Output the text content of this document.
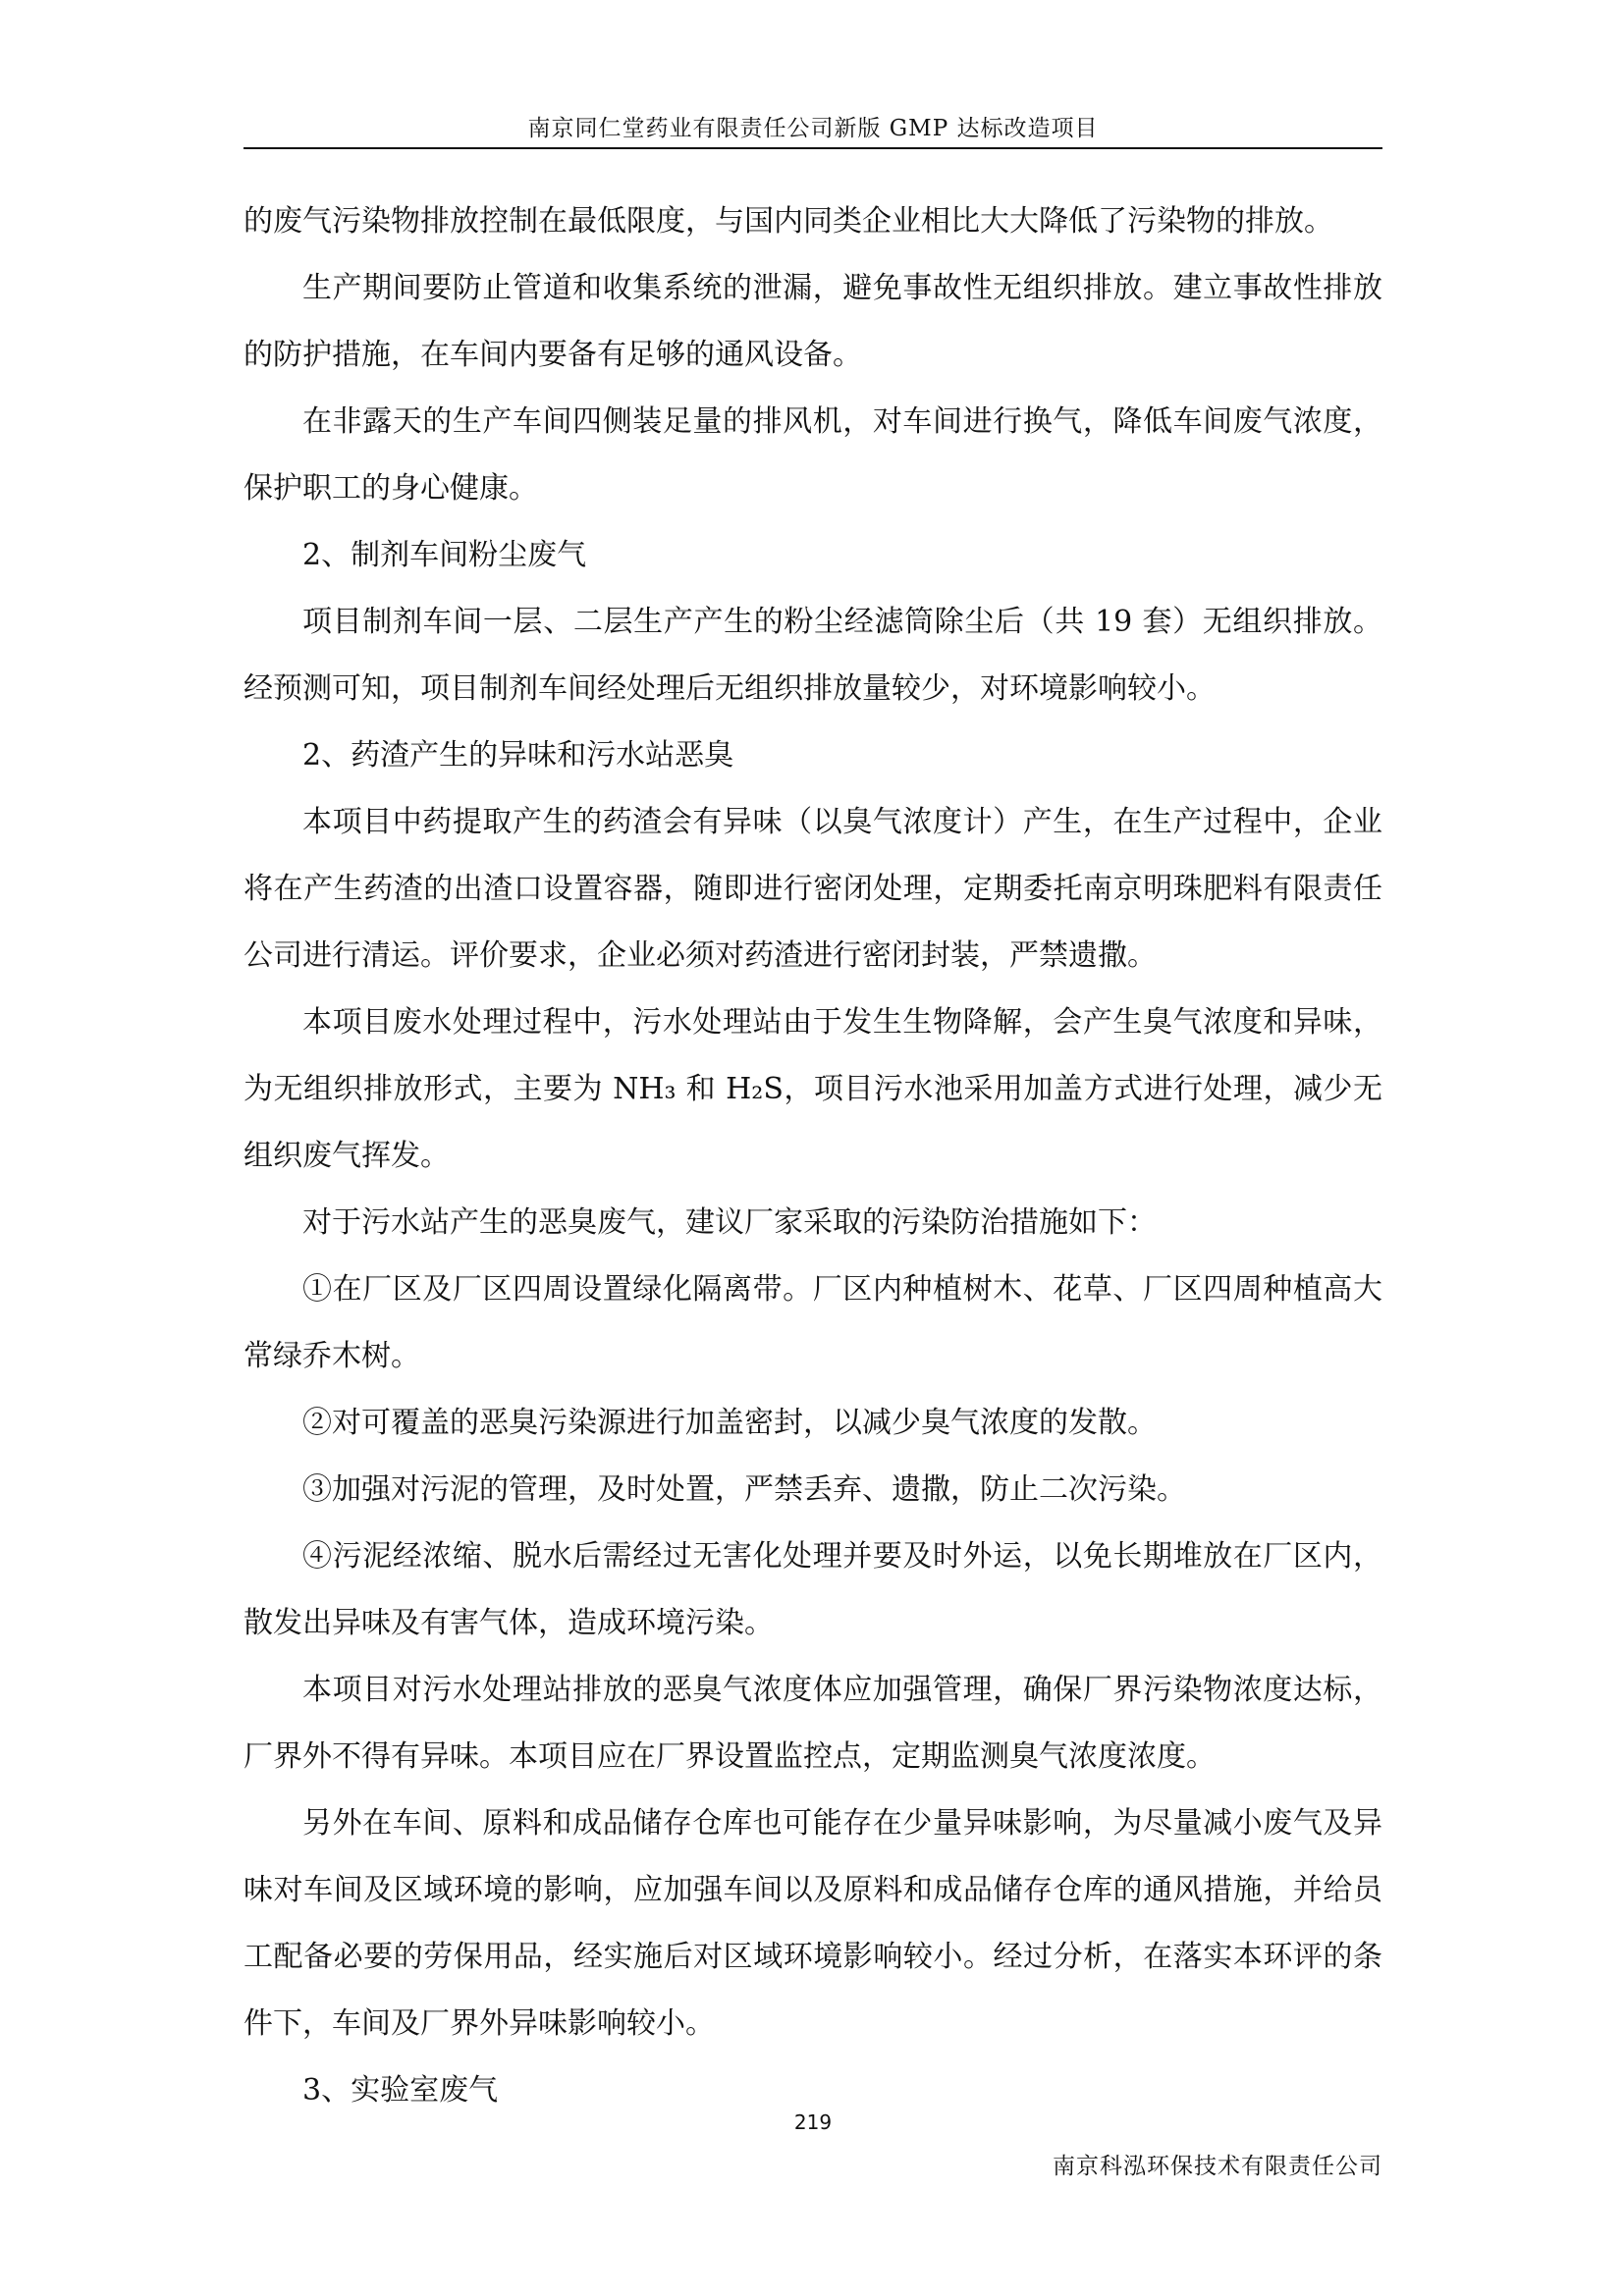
南京同仁堂药业有限责任公司新版 GMP 达标改造项目

的废气污染物排放控制在最低限度，与国内同类企业相比大大降低了污染物的排放。

生产期间要防止管道和收集系统的泄漏，避免事故性无组织排放。建立事故性排放的防护措施，在车间内要备有足够的通风设备。

在非露天的生产车间四侧装足量的排风机，对车间进行换气，降低车间废气浓度，保护职工的身心健康。

2、制剂车间粉尘废气

项目制剂车间一层、二层生产产生的粉尘经滤筒除尘后（共 19 套）无组织排放。经预测可知，项目制剂车间经处理后无组织排放量较少，对环境影响较小。

2、药渣产生的异味和污水站恶臭

本项目中药提取产生的药渣会有异味（以臭气浓度计）产生，在生产过程中，企业将在产生药渣的出渣口设置容器，随即进行密闭处理，定期委托南京明珠肥料有限责任公司进行清运。评价要求，企业必须对药渣进行密闭封装，严禁遗撒。

本项目废水处理过程中，污水处理站由于发生生物降解，会产生臭气浓度和异味，为无组织排放形式，主要为 NH₃ 和 H₂S，项目污水池采用加盖方式进行处理，减少无组织废气挥发。

对于污水站产生的恶臭废气，建议厂家采取的污染防治措施如下：

①在厂区及厂区四周设置绿化隔离带。厂区内种植树木、花草、厂区四周种植高大常绿乔木树。

②对可覆盖的恶臭污染源进行加盖密封，以减少臭气浓度的发散。

③加强对污泥的管理，及时处置，严禁丢弃、遗撒，防止二次污染。

④污泥经浓缩、脱水后需经过无害化处理并要及时外运，以免长期堆放在厂区内，散发出异味及有害气体，造成环境污染。

本项目对污水处理站排放的恶臭气浓度体应加强管理，确保厂界污染物浓度达标，厂界外不得有异味。本项目应在厂界设置监控点，定期监测臭气浓度浓度。

另外在车间、原料和成品储存仓库也可能存在少量异味影响，为尽量减小废气及异味对车间及区域环境的影响，应加强车间以及原料和成品储存仓库的通风措施，并给员工配备必要的劳保用品，经实施后对区域环境影响较小。经过分析，在落实本环评的条件下，车间及厂界外异味影响较小。

3、实验室废气

219
南京科泓环保技术有限责任公司
